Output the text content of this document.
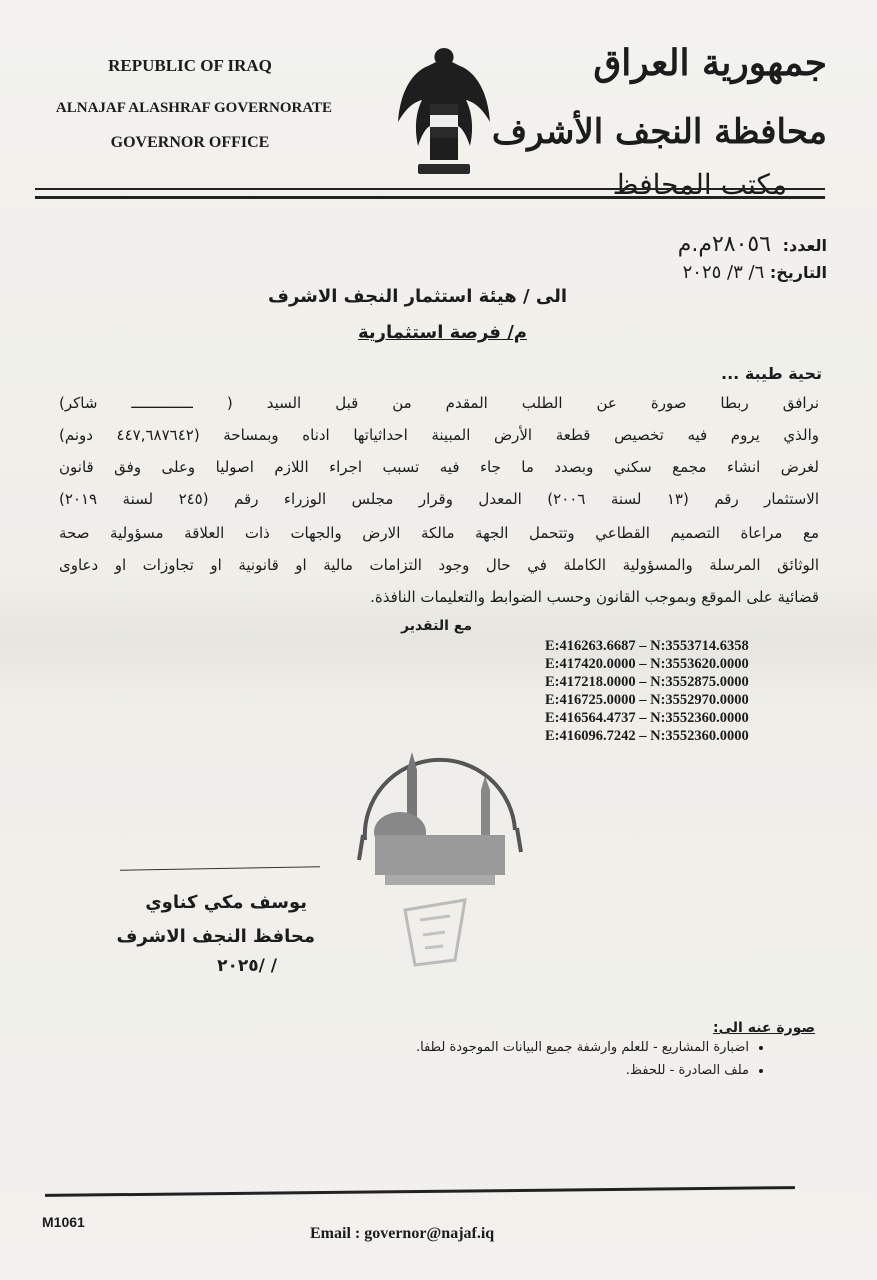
REPUBLIC OF IRAQ
ALNAJAF ALASHRAF GOVERNORATE
GOVERNOR OFFICE
جمهورية العراق
محافظة النجف الأشرف
مكتب المحافظ
العدد: ٢٨٠٥٦م.م
التاريخ: ٦/ ٣/ ٢٠٢٥
الى / هيئة استثمار النجف الاشرف
م/ فرصة استثمارية
تحية طيبة ...
نرافق ربطا صورة عن الطلب المقدم من قبل السيد ( ــــــــــــــ شاكر)
والذي يروم فيه تخصيص قطعة الأرض المبينة احداثياتها ادناه وبمساحة (٤٤٧,٦٨٧٦٤٢ دونم)
لغرض انشاء مجمع سكني وبصدد ما جاء فيه تسبب اجراء اللازم اصوليا وعلى وفق قانون
الاستثمار رقم (١٣ لسنة ٢٠٠٦) المعدل وقرار مجلس الوزراء رقم (٢٤٥ لسنة ٢٠١٩)
مع مراعاة التصميم القطاعي وتتحمل الجهة مالكة الارض والجهات ذات العلاقة مسؤولية صحة
الوثائق المرسلة والمسؤولية الكاملة في حال وجود التزامات مالية او قانونية او تجاوزات او دعاوى
قضائية على الموقع وبموجب القانون وحسب الضوابط والتعليمات النافذة.
مع التقدير
E:416263.6687 – N:3553714.6358
E:417420.0000 – N:3553620.0000
E:417218.0000 – N:3552875.0000
E:416725.0000 – N:3552970.0000
E:416564.4737 – N:3552360.0000
E:416096.7242 – N:3552360.0000
يوسف مكي كناوي
محافظ النجف الاشرف
/ /٢٠٢٥
صورة عنه الى:
• اضبارة المشاريع - للعلم وارشفة جميع البيانات الموجودة لطفا.
• ملف الصادرة - للحفظ.
M1061
Email : governor@najaf.iq
